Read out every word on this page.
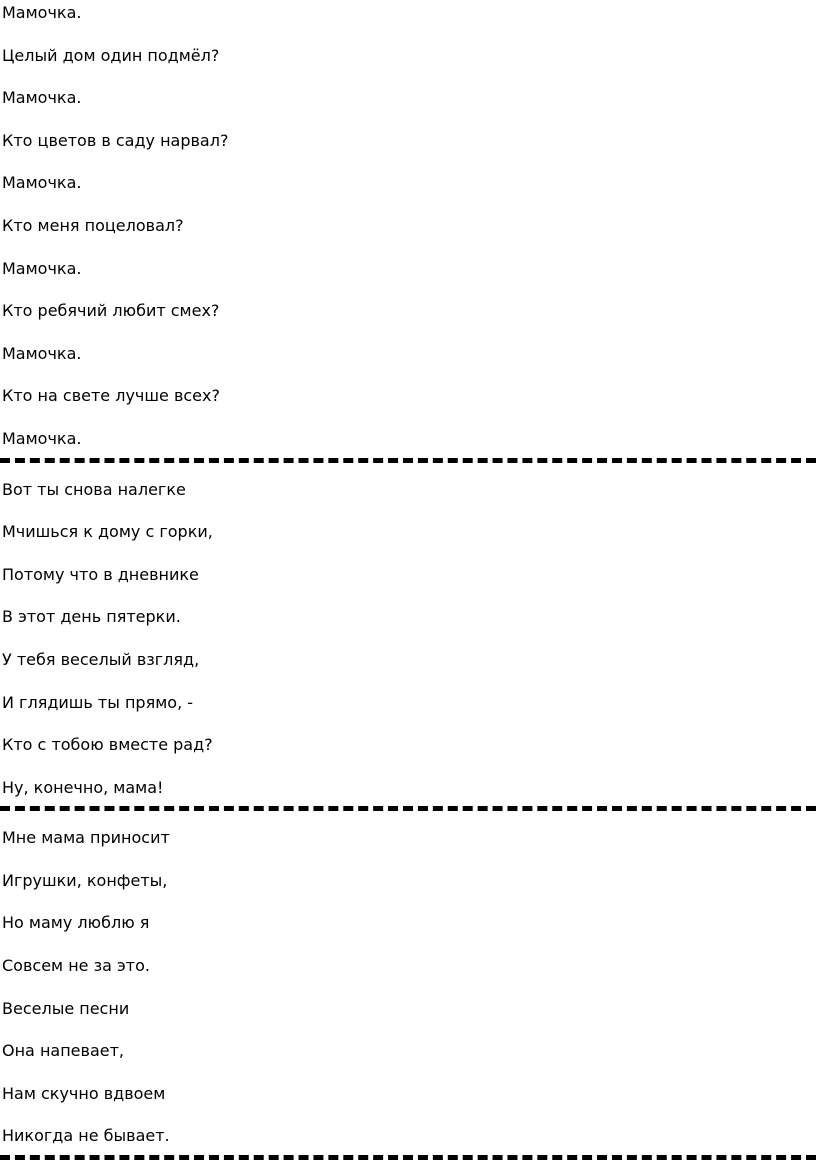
Мамочка.
Целый дом один подмёл?
Мамочка.
Кто цветов в саду нарвал?
Мамочка.
Кто меня поцеловал?
Мамочка.
Кто ребячий любит смех?
Мамочка.
Кто на свете лучше всех?
Мамочка.
Вот ты снова налегке
Мчишься к дому с горки,
Потому что в дневнике
В этот день пятерки.
У тебя веселый взгляд,
И глядишь ты прямо, -
Кто с тобою вместе рад?
Ну, конечно, мама!
Мне мама приносит
Игрушки, конфеты,
Но маму люблю я
Совсем не за это.
Веселые песни
Она напевает,
Нам скучно вдвоем
Никогда не бывает.
